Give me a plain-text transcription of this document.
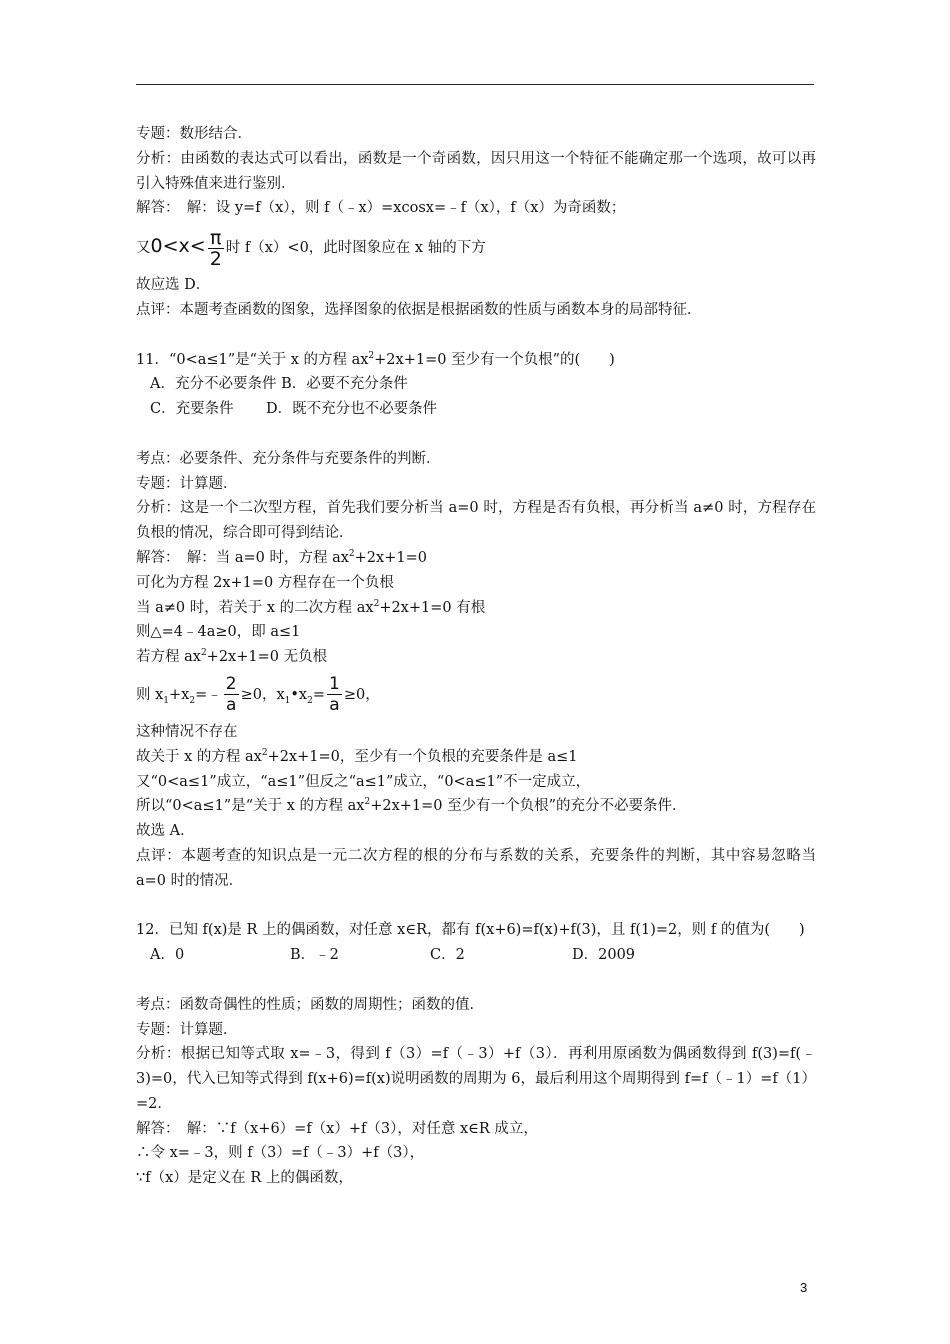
专题：数形结合．
分析：由函数的表达式可以看出，函数是一个奇函数，因只用这一个特征不能确定那一个选项，故可以再引入特殊值来进行鉴别．
解答：　解：设 y=f（x），则 f（﹣x）=xcosx=﹣f（x），f（x）为奇函数；
又$0<x< \frac{\pi}{2}$ 时 f（x）<0，此时图象应在 x 轴的下方
故应选 D．
点评：本题考查函数的图象，选择图象的依据是根据函数的性质与函数本身的局部特征．
11．“0<a≤1”是“关于 x 的方程 $ax^2+2x+1=0$ 至少有一个负根”的(　　)
A．充分不必要条件 B．必要不充分条件
C．充要条件 D．既不充分也不必要条件
考点：必要条件、充分条件与充要条件的判断．
专题：计算题．
分析：这是一个二次型方程，首先我们要分析当 a=0 时，方程是否有负根，再分析当 a≠0 时，方程存在负根的情况，综合即可得到结论．
解答：　解：当 a=0 时，方程 $ax^2+2x+1=0$
可化为方程 2x+1=0 方程存在一个负根
当 a≠0 时，若关于 x 的二次方程 $ax^2+2x+1=0$ 有根
则△=4﹣4a≥0，即 a≤1
若方程 $ax^2+2x+1=0$ 无负根
则 $x_1+x_2=﹣ \frac{2}{a} \ge 0$，$x_1•x_2= \frac{1}{a} \ge 0$，
这种情况不存在
故关于 x 的方程 $ax^2+2x+1=0$，至少有一个负根的充要条件是 a≤1
又“0<a≤1”成立，“a≤1”但反之“a≤1”成立，“0<a≤1”不一定成立，
所以“0<a≤1”是“关于 x 的方程 $ax^2+2x+1=0$ 至少有一个负根”的充分不必要条件．
故选 A．
点评：本题考查的知识点是一元二次方程的根的分布与系数的关系，充要条件的判断，其中容易忽略当 a=0 时的情况．
12．已知 f(x)是 R 上的偶函数，对任意 x∈R，都有 f(x+6)=f(x)+f(3)，且 f(1)=2，则 f 的值为(　　)
A．0	B．﹣2	C．2	D．2009
考点：函数奇偶性的性质；函数的周期性；函数的值．
专题：计算题．
分析：根据已知等式取 x=﹣3，得到 f（3）=f（﹣3）+f（3）．再利用原函数为偶函数得到 f(3)=f(﹣3)=0，代入已知等式得到 f(x+6)=f(x)说明函数的周期为 6，最后利用这个周期得到 f=f（﹣1）=f（1）=2．
解答：　解：∵f（x+6）=f（x）+f（3），对任意 x∈R 成立，
∴令 x=﹣3，则 f（3）=f（﹣3）+f（3），
∵f（x）是定义在 R 上的偶函数，
3
